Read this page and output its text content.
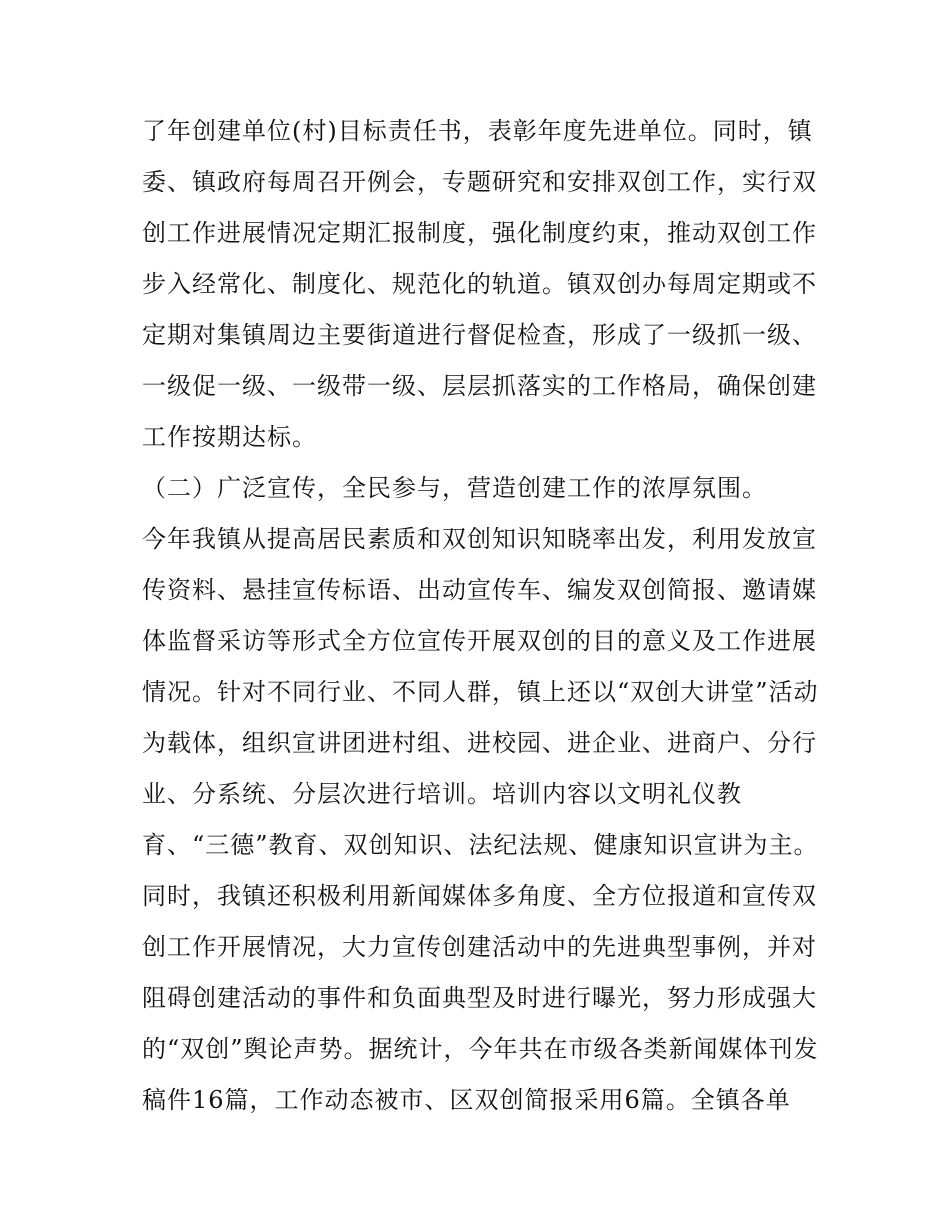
了年创建单位(村)目标责任书，表彰年度先进单位。同时，镇
委、镇政府每周召开例会，专题研究和安排双创工作，实行双
创工作进展情况定期汇报制度，强化制度约束，推动双创工作
步入经常化、制度化、规范化的轨道。镇双创办每周定期或不
定期对集镇周边主要街道进行督促检查，形成了一级抓一级、
一级促一级、一级带一级、层层抓落实的工作格局，确保创建
工作按期达标。
（二）广泛宣传，全民参与，营造创建工作的浓厚氛围。
今年我镇从提高居民素质和双创知识知晓率出发，利用发放宣
传资料、悬挂宣传标语、出动宣传车、编发双创简报、邀请媒
体监督采访等形式全方位宣传开展双创的目的意义及工作进展
情况。针对不同行业、不同人群，镇上还以“双创大讲堂”活动
为载体，组织宣讲团进村组、进校园、进企业、进商户、分行
业、分系统、分层次进行培训。培训内容以文明礼仪教
育、“三德”教育、双创知识、法纪法规、健康知识宣讲为主。
同时，我镇还积极利用新闻媒体多角度、全方位报道和宣传双
创工作开展情况，大力宣传创建活动中的先进典型事例，并对
阻碍创建活动的事件和负面典型及时进行曝光，努力形成强大
的“双创”舆论声势。据统计，今年共在市级各类新闻媒体刊发
稿件16篇，工作动态被市、区双创简报采用6篇。全镇各单
